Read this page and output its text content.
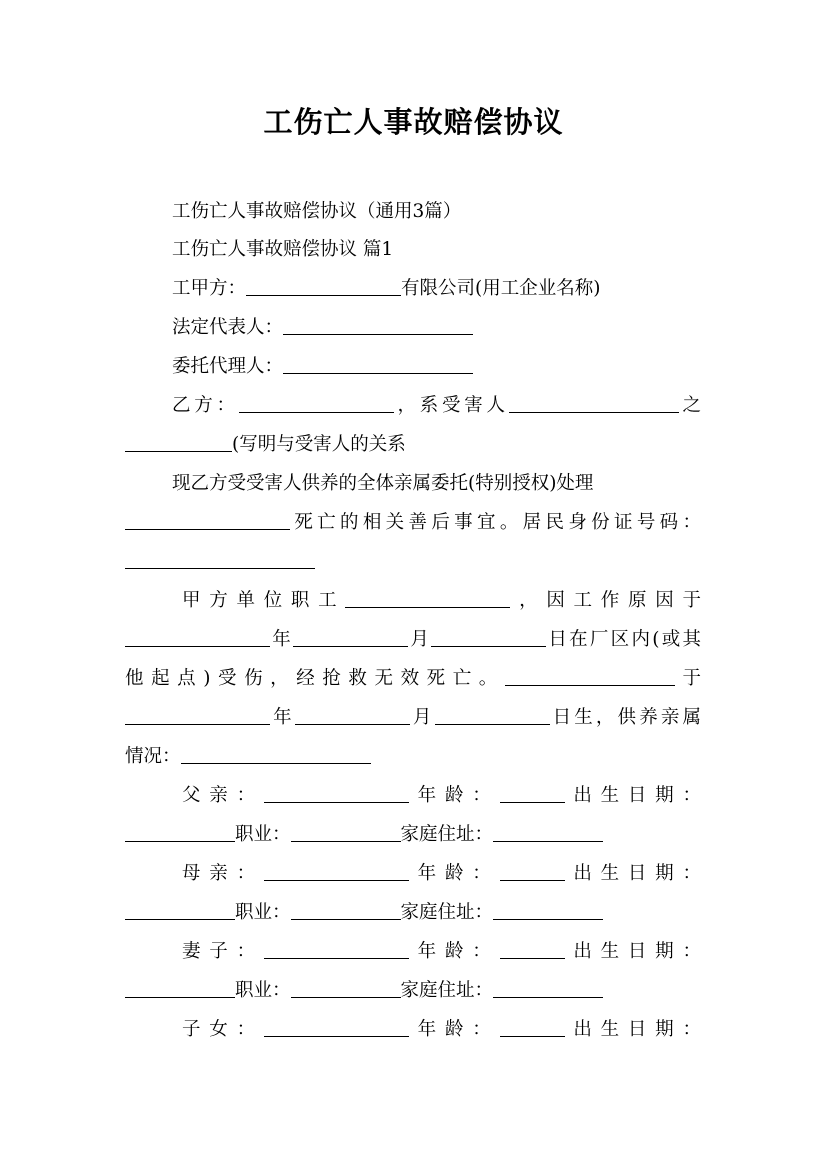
工伤亡人事故赔偿协议
工伤亡人事故赔偿协议（通用3篇）
工伤亡人事故赔偿协议 篇1
工甲方：	有限公司(用工企业名称)
法定代表人：
委托代理人：
乙方：	，系受害人	之
(写明与受害人的关系
现乙方受受害人供养的全体亲属委托(特别授权)处理
死亡的相关善后事宜。居民身份证号码：
甲方单位职工	，因工作原因于
年	月	日在厂区内(或其
他起点)受伤，经抢救无效死亡。	于
年	月	日生，供养亲属
情况：
父亲：	年龄：	出生日期：
职业：	家庭住址：
母亲：	年龄：	出生日期：
职业：	家庭住址：
妻子：	年龄：	出生日期：
职业：	家庭住址：
子女：	年龄：	出生日期：
